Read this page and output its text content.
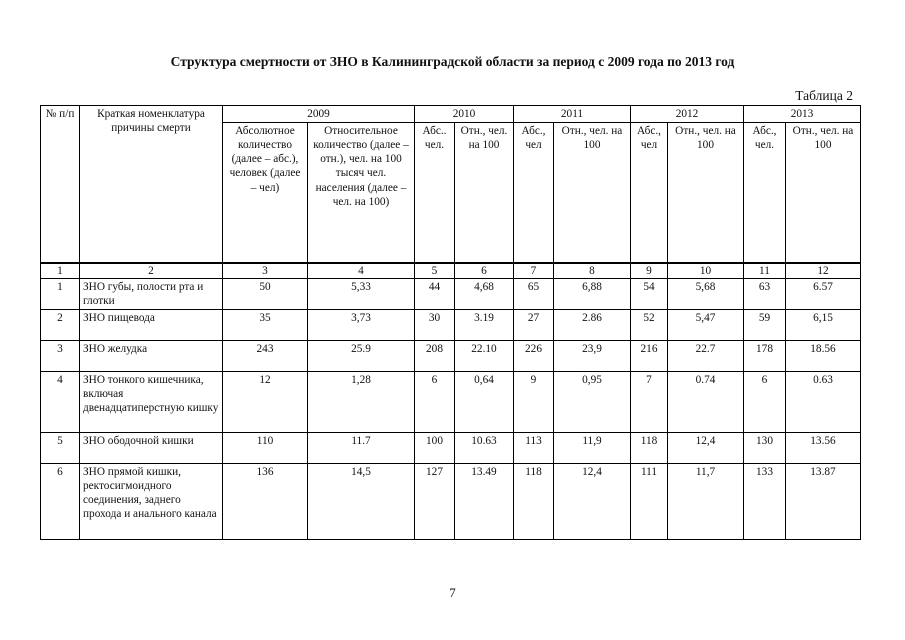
Структура смертности от ЗНО в Калининградской области за период с 2009 года по 2013 год
Таблица 2
№ п/п	Краткая номенклатура причины смерти	2009		2010		2011		2012		2013	
		Абсолютное количество (далее – абс.), человек (далее – чел)	Относительное количество (далее – отн.), чел. на 100 тысяч чел. населения (далее – чел. на 100)	Абс.. чел.	Отн., чел. на 100	Абс., чел	Отн., чел. на 100	Абс., чел	Отн., чел. на 100	Абс., чел.	Отн., чел. на 100
1	2	3	4	5	6	7	8	9	10	11	12
1	ЗНО губы, полости рта и глотки	50	5,33	44	4,68	65	6,88	54	5,68	63	6.57
2	ЗНО пищевода	35	3,73	30	3.19	27	2.86	52	5,47	59	6,15
3	ЗНО желудка	243	25.9	208	22.10	226	23,9	216	22.7	178	18.56
4	ЗНО тонкого кишечника, включая двенадцатиперстную кишку	12	1,28	6	0,64	9	0,95	7	0.74	6	0.63
5	ЗНО ободочной кишки	110	11.7	100	10.63	113	11,9	118	12,4	130	13.56
6	ЗНО прямой кишки, ректосигмоидного соединения, заднего прохода и анального канала	136	14,5	127	13.49	118	12,4	111	11,7	133	13.87
7
